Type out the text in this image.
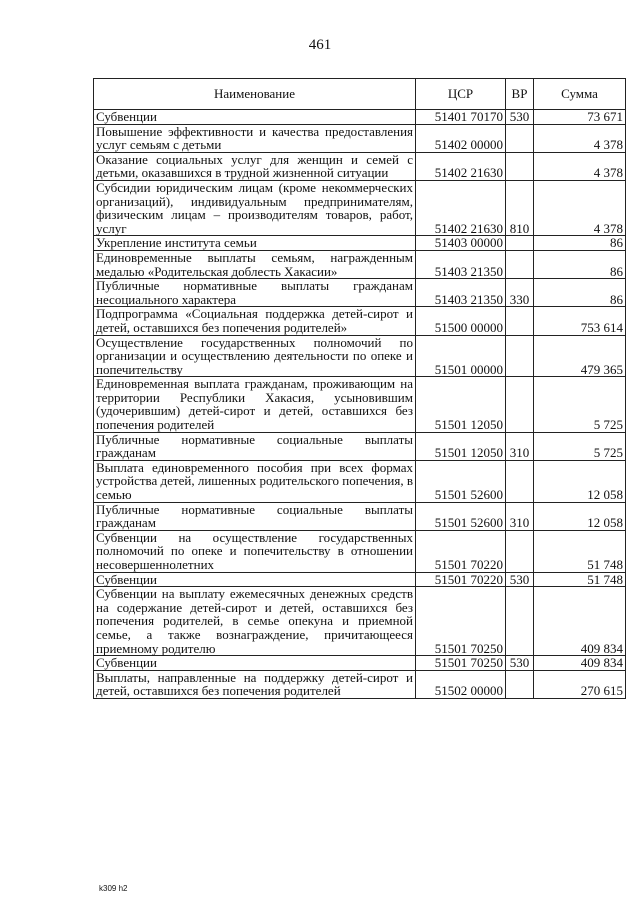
461
Наименование	ЦСР	ВР	Сумма
Субвенции	51401 70170	530	73 671
Повышение эффективности и качества предоставления услуг семьям с детьми	51402 00000		4 378
Оказание социальных услуг для женщин и семей с детьми, оказавшихся в трудной жизненной ситуации	51402 21630		4 378
Субсидии юридическим лицам (кроме некоммерческих организаций), индивидуальным предпринимателям, физическим лицам – производителям товаров, работ, услуг	51402 21630	810	4 378
Укрепление института семьи	51403 00000		86
Единовременные выплаты семьям, награжденным медалью «Родительская доблесть Хакасии»	51403 21350		86
Публичные нормативные выплаты гражданам несоциального характера	51403 21350	330	86
Подпрограмма «Социальная поддержка детей-сирот и детей, оставшихся без попечения родителей»	51500 00000		753 614
Осуществление государственных полномочий по организации и осуществлению деятельности по опеке и попечительству	51501 00000		479 365
Единовременная выплата гражданам, проживающим на территории Республики Хакасия, усыновившим (удочерившим) детей-сирот и детей, оставшихся без попечения родителей	51501 12050		5 725
Публичные нормативные социальные выплаты гражданам	51501 12050	310	5 725
Выплата единовременного пособия при всех формах устройства детей, лишенных родительского попечения, в семью	51501 52600		12 058
Публичные нормативные социальные выплаты гражданам	51501 52600	310	12 058
Субвенции на осуществление государственных полномочий по опеке и попечительству в отношении несовершеннолетних	51501 70220		51 748
Субвенции	51501 70220	530	51 748
Субвенции на выплату ежемесячных денежных средств на содержание детей-сирот и детей, оставшихся без попечения родителей, в семье опекуна и приемной семье, а также вознаграждение, причитающееся приемному родителю	51501 70250		409 834
Субвенции	51501 70250	530	409 834
Выплаты, направленные на поддержку детей-сирот и детей, оставшихся без попечения родителей	51502 00000		270 615
k309 h2
